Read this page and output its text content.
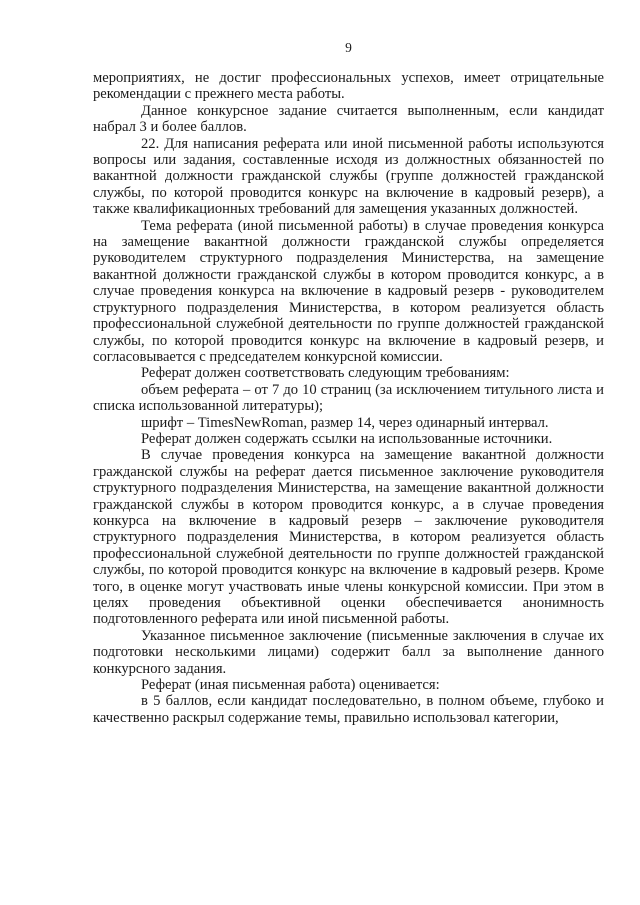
9

мероприятиях, не достиг профессиональных успехов, имеет отрицательные рекомендации с прежнего места работы.

Данное конкурсное задание считается выполненным, если кандидат набрал 3 и более баллов.

22. Для написания реферата или иной письменной работы используются вопросы или задания, составленные исходя из должностных обязанностей по вакантной должности гражданской службы (группе должностей гражданской службы, по которой проводится конкурс на включение в кадровый резерв), а также квалификационных требований для замещения указанных должностей.

Тема реферата (иной письменной работы) в случае проведения конкурса на замещение вакантной должности гражданской службы определяется руководителем структурного подразделения Министерства, на замещение вакантной должности гражданской службы в котором проводится конкурс, а в случае проведения конкурса на включение в кадровый резерв - руководителем структурного подразделения Министерства, в котором реализуется область профессиональной служебной деятельности по группе должностей гражданской службы, по которой проводится конкурс на включение в кадровый резерв, и согласовывается с председателем конкурсной комиссии.

Реферат должен соответствовать следующим требованиям:

объем реферата – от 7 до 10 страниц (за исключением титульного листа и списка использованной литературы);

шрифт – TimesNewRoman, размер 14, через одинарный интервал.

Реферат должен содержать ссылки на использованные источники.

В случае проведения конкурса на замещение вакантной должности гражданской службы на реферат дается письменное заключение руководителя структурного подразделения Министерства, на замещение вакантной должности гражданской службы в котором проводится конкурс, а в случае проведения конкурса на включение в кадровый резерв – заключение руководителя структурного подразделения Министерства, в котором реализуется область профессиональной служебной деятельности по группе должностей гражданской службы, по которой проводится конкурс на включение в кадровый резерв. Кроме того, в оценке могут участвовать иные члены конкурсной комиссии. При этом в целях проведения объективной оценки обеспечивается анонимность подготовленного реферата или иной письменной работы.

Указанное письменное заключение (письменные заключения в случае их подготовки несколькими лицами) содержит балл за выполнение данного конкурсного задания.

Реферат (иная письменная работа) оценивается:

в 5 баллов, если кандидат последовательно, в полном объеме, глубоко и качественно раскрыл содержание темы, правильно использовал категории,
